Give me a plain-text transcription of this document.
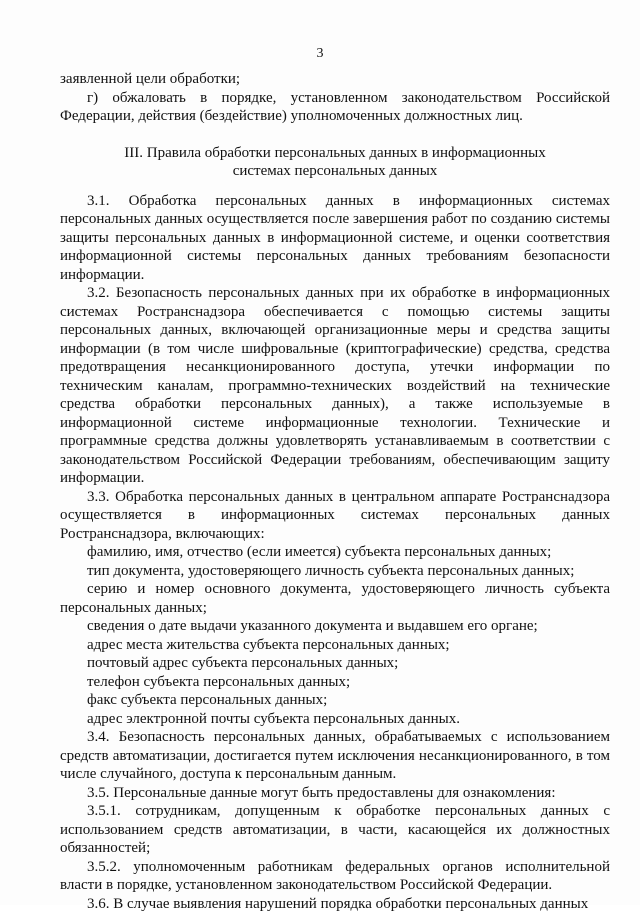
3

заявленной цели обработки;

г) обжаловать в порядке, установленном законодательством Российской Федерации, действия (бездействие) уполномоченных должностных лиц.

III. Правила обработки персональных данных в информационных
системах персональных данных

3.1. Обработка персональных данных в информационных системах персональных данных осуществляется после завершения работ по созданию системы защиты персональных данных в информационной системе, и оценки соответствия информационной системы персональных данных требованиям безопасности информации.

3.2. Безопасность персональных данных при их обработке в информационных системах Ространснадзора обеспечивается с помощью системы защиты персональных данных, включающей организационные меры и средства защиты информации (в том числе шифровальные (криптографические) средства, средства предотвращения несанкционированного доступа, утечки информации по техническим каналам, программно-технических воздействий на технические средства обработки персональных данных), а также используемые в информационной системе информационные технологии. Технические и программные средства должны удовлетворять устанавливаемым в соответствии с законодательством Российской Федерации требованиям, обеспечивающим защиту информации.

3.3. Обработка персональных данных в центральном аппарате Ространснадзора осуществляется в информационных системах персональных данных Ространснадзора, включающих:

фамилию, имя, отчество (если имеется) субъекта персональных данных;

тип документа, удостоверяющего личность субъекта персональных данных;

серию и номер основного документа, удостоверяющего личность субъекта персональных данных;

сведения о дате выдачи указанного документа и выдавшем его органе;

адрес места жительства субъекта персональных данных;

почтовый адрес субъекта персональных данных;

телефон субъекта персональных данных;

факс субъекта персональных данных;

адрес электронной почты субъекта персональных данных.

3.4. Безопасность персональных данных, обрабатываемых с использованием средств автоматизации, достигается путем исключения несанкционированного, в том числе случайного, доступа к персональным данным.

3.5. Персональные данные могут быть предоставлены для ознакомления:

3.5.1. сотрудникам, допущенным к обработке персональных данных с использованием средств автоматизации, в части, касающейся их должностных обязанностей;

3.5.2. уполномоченным работникам федеральных органов исполнительной власти в порядке, установленном законодательством Российской Федерации.

3.6. В случае выявления нарушений порядка обработки персональных данных
